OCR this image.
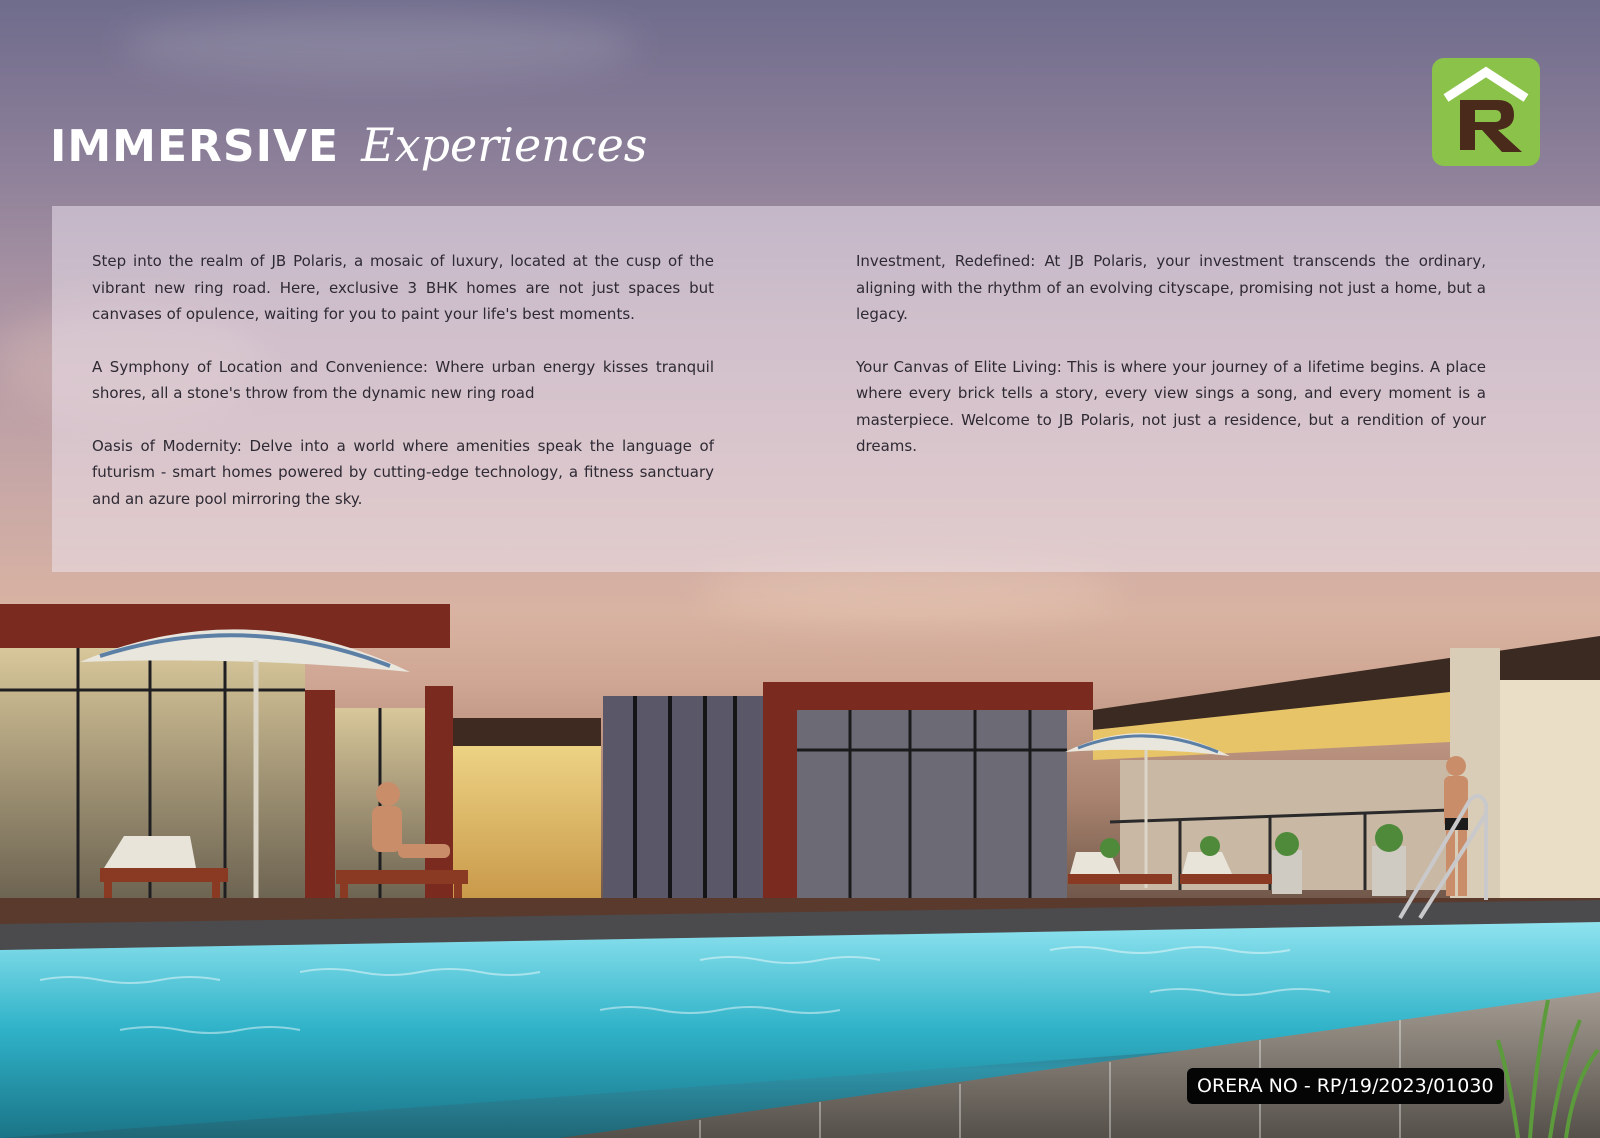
IMMERSIVE Experiences

Step into the realm of JB Polaris, a mosaic of luxury, located at the cusp of the vibrant new ring road. Here, exclusive 3 BHK homes are not just spaces but canvases of opulence, waiting for you to paint your life's best moments.

A Symphony of Location and Convenience: Where urban energy kisses tranquil shores, all a stone's throw from the dynamic new ring road

Oasis of Modernity: Delve into a world where amenities speak the language of futurism - smart homes powered by cutting-edge technology, a fitness sanctuary and an azure pool mirroring the sky.

Investment, Redefined: At JB Polaris, your investment transcends the ordinary, aligning with the rhythm of an evolving cityscape, promising not just a home, but a legacy.

Your Canvas of Elite Living: This is where your journey of a lifetime begins. A place where every brick tells a story, every view sings a song, and every moment is a masterpiece. Welcome to JB Polaris, not just a residence, but a rendition of your dreams.

ORERA NO - RP/19/2023/01030
